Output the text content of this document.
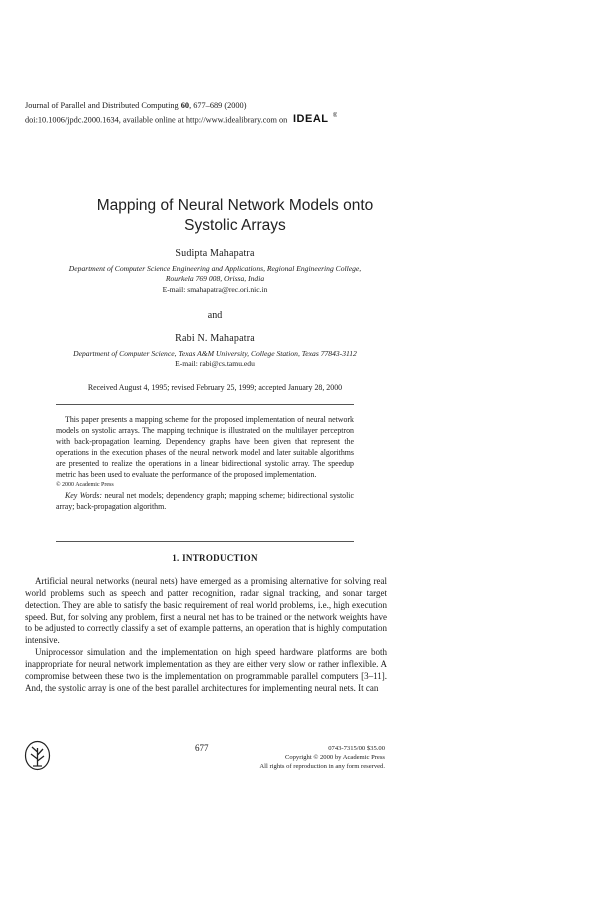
Journal of Parallel and Distributed Computing 60, 677–689 (2000)
doi:10.1006/jpdc.2000.1634, available online at http://www.idealibrary.com on IDEAL ®
Mapping of Neural Network Models onto
Systolic Arrays
Sudipta Mahapatra
Department of Computer Science Engineering and Applications, Regional Engineering College,
Rourkela 769 008, Orissa, India
E-mail: smahapatra@rec.ori.nic.in
and
Rabi N. Mahapatra
Department of Computer Science, Texas A&M University, College Station, Texas 77843-3112
E-mail: rabi@cs.tamu.edu
Received August 4, 1995; revised February 25, 1999; accepted January 28, 2000

This paper presents a mapping scheme for the proposed implementation of neural network models on systolic arrays. The mapping technique is illustrated on the multilayer perceptron with back-propagation learning. Dependency graphs have been given that represent the operations in the execution phases of the neural network model and later suitable algorithms are presented to realize the operations in a linear bidirectional systolic array. The speedup metric has been used to evaluate the performance of the proposed implementation.

© 2000 Academic Press

Key Words: neural net models; dependency graph; mapping scheme; bidirectional systolic array; back-propagation algorithm.

1. INTRODUCTION

Artificial neural networks (neural nets) have emerged as a promising alternative for solving real world problems such as speech and patter recognition, radar signal tracking, and sonar target detection. They are able to satisfy the basic requirement of real world problems, i.e., high execution speed. But, for solving any problem, first a neural net has to be trained or the network weights have to be adjusted to correctly classify a set of example patterns, an operation that is highly computation intensive.

Uniprocessor simulation and the implementation on high speed hardware platforms are both inappropriate for neural network implementation as they are either very slow or rather inflexible. A compromise between these two is the implementation on programmable parallel computers [3–11]. And, the systolic array is one of the best parallel architectures for implementing neural nets. It can

677	0743-7315/00 $35.00
Copyright © 2000 by Academic Press
All rights of reproduction in any form reserved.
